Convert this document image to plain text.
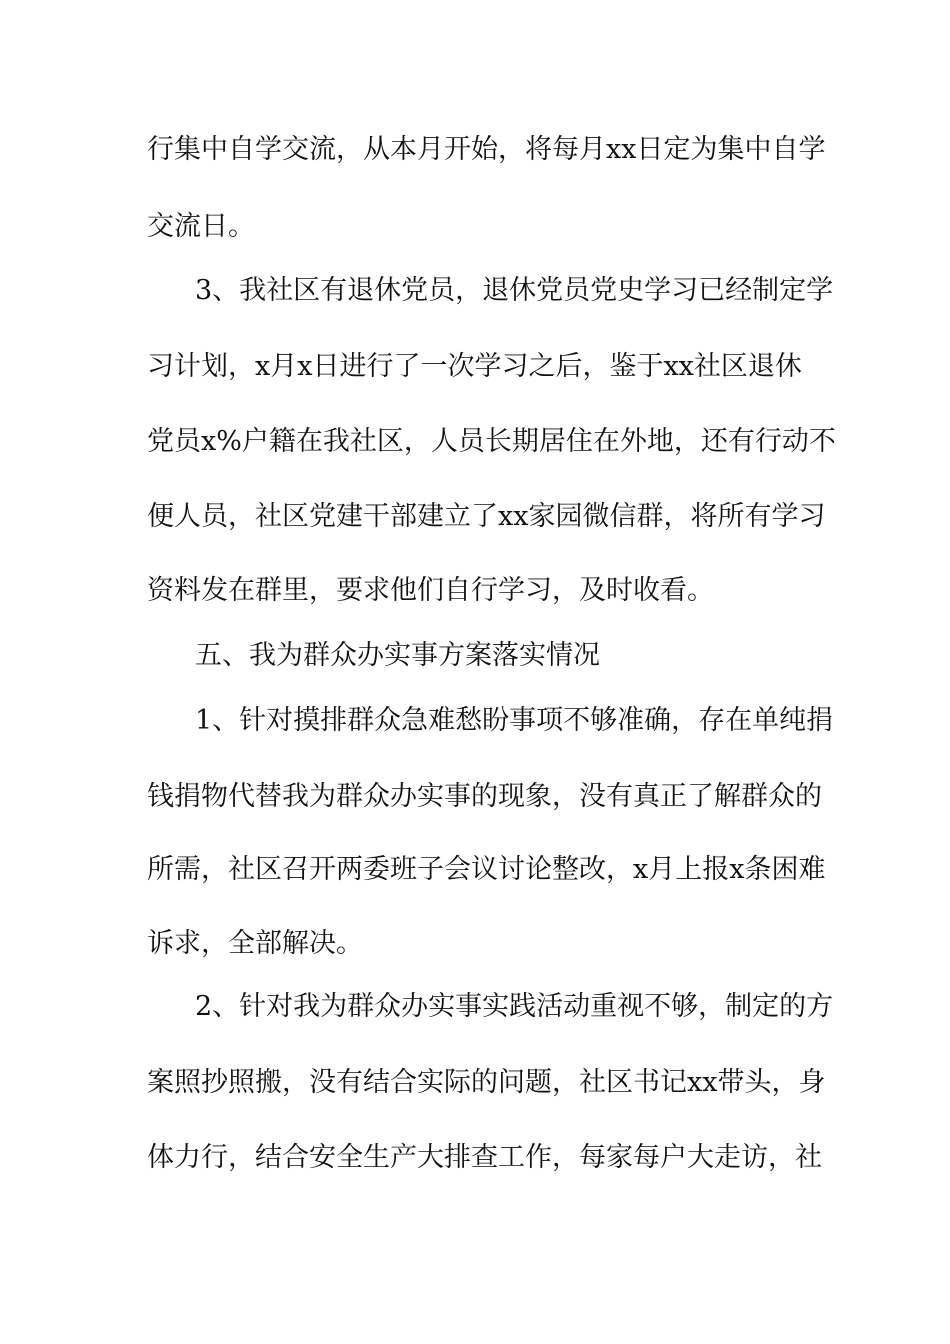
行集中自学交流，从本月开始，将每月xx日定为集中自学
交流日。
3、我社区有退休党员，退休党员党史学习已经制定学
习计划，x月x日进行了一次学习之后，鉴于xx社区退休
党员x%户籍在我社区，人员长期居住在外地，还有行动不
便人员，社区党建干部建立了xx家园微信群，将所有学习
资料发在群里，要求他们自行学习，及时收看。
五、我为群众办实事方案落实情况
1、针对摸排群众急难愁盼事项不够准确，存在单纯捐
钱捐物代替我为群众办实事的现象，没有真正了解群众的
所需，社区召开两委班子会议讨论整改，x月上报x条困难
诉求，全部解决。
2、针对我为群众办实事实践活动重视不够，制定的方
案照抄照搬，没有结合实际的问题，社区书记xx带头，身
体力行，结合安全生产大排查工作，每家每户大走访，社
